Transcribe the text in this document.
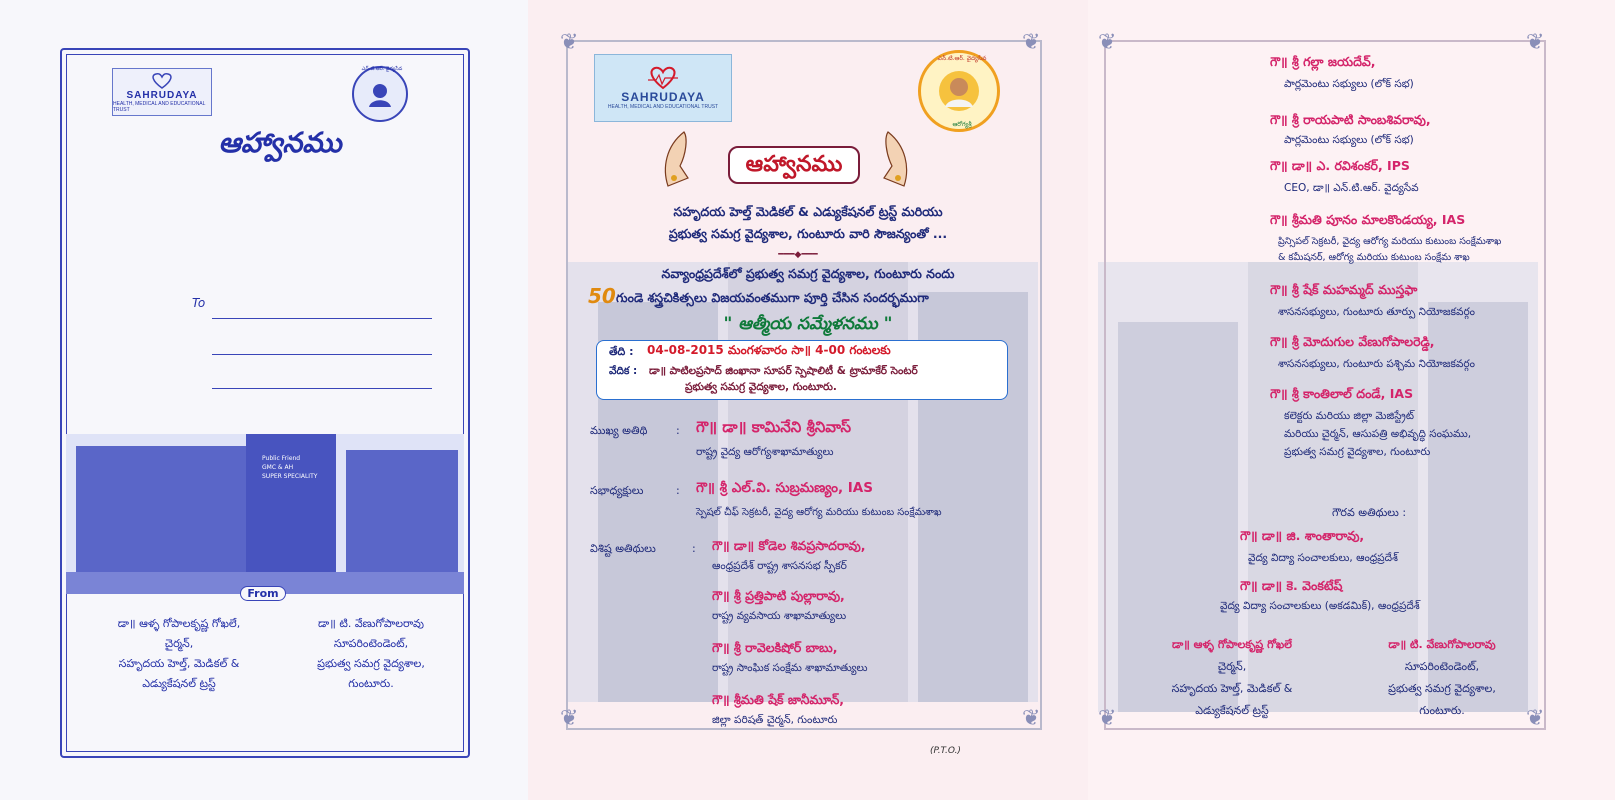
SAHRUDAYA
HEALTH, MEDICAL AND EDUCATIONAL TRUST
ఎన్.టి.ఆర్. వైద్యసేవ
ఆహ్వానము
To
Public Friend
GMC & AH
SUPER SPECIALITY
From
డా॥ ఆళ్ళ గోపాలకృష్ణ గోఖలే,
చైర్మన్,
సహృదయ హెల్త్, మెడికల్ &
ఎడ్యుకేషనల్ ట్రస్ట్
డా॥ టి. వేణుగోపాలరావు
సూపరింటెండెంట్,
ప్రభుత్వ సమగ్ర వైద్యశాల,
గుంటూరు.
❦	❦
❦	❦
SAHRUDAYA
HEALTH, MEDICAL AND EDUCATIONAL TRUST
ఎన్.టి.ఆర్. వైద్యసేవ
ఆరోగ్యశ్రీ
ఆహ్వానము
సహృదయ హెల్త్ మెడికల్ & ఎడ్యుకేషనల్ ట్రస్ట్ మరియు
ప్రభుత్వ సమగ్ర వైద్యశాల, గుంటూరు వారి సౌజన్యంతో ...
━━━◆━━━
నవ్యాంధ్రప్రదేశ్‌లో ప్రభుత్వ సమగ్ర వైద్యశాల, గుంటూరు నందు
50 గుండె శస్త్రచికిత్సలు విజయవంతముగా పూర్తి చేసిన సందర్భముగా
" ఆత్మీయ సమ్మేళనము "
తేది : 04-08-2015 మంగళవారం సా॥ 4-00 గంటలకు
వేదిక : డా॥ పాటిలప్రసాద్ జింఖానా సూపర్ స్పెషాలిటీ & ట్రామాకేర్ సెంటర్
ప్రభుత్వ సమగ్ర వైద్యశాల, గుంటూరు.
ముఖ్య అతిథి	: గౌ॥ డా॥ కామినేని శ్రీనివాస్
రాష్ట్ర వైద్య ఆరోగ్యశాఖామాత్యులు
సభాధ్యక్షులు	: గౌ॥ శ్రీ ఎల్.వి. సుబ్రమణ్యం, IAS
స్పెషల్ చీఫ్ సెక్రటరీ, వైద్య ఆరోగ్య మరియు కుటుంబ సంక్షేమశాఖ
విశిష్ట అతిథులు	: గౌ॥ డా॥ కోడెల శివప్రసాదరావు,
ఆంధ్రప్రదేశ్ రాష్ట్ర శాసనసభ స్పీకర్
గౌ॥ శ్రీ ప్రత్తిపాటి పుల్లారావు,
రాష్ట్ర వ్యవసాయ శాఖామాత్యులు
గౌ॥ శ్రీ రావెలకిషోర్ బాబు,
రాష్ట్ర సాంఘిక సంక్షేమ శాఖామాత్యులు
గౌ॥ శ్రీమతి షేక్ జానీమూన్,
జిల్లా పరిషత్ చైర్మన్, గుంటూరు
(P.T.O.)
❦	❦
❦	❦
గౌ॥ శ్రీ గల్లా జయదేవ్,
పార్లమెంటు సభ్యులు (లోక్ సభ)
గౌ॥ శ్రీ రాయపాటి సాంబశివరావు,
పార్లమెంటు సభ్యులు (లోక్ సభ)
గౌ॥ డా॥ ఎ. రవిశంకర్, IPS
CEO, డా॥ ఎన్.టి.ఆర్. వైద్యసేవ
గౌ॥ శ్రీమతి పూనం మాలకొండయ్య, IAS
ప్రిన్సిపల్ సెక్రటరీ, వైద్య ఆరోగ్య మరియు కుటుంబ సంక్షేమశాఖ
& కమీషనర్, ఆరోగ్య మరియు కుటుంబ సంక్షేమ శాఖ
గౌ॥ శ్రీ షేక్ మహమ్మద్ ముస్తఫా
శాసనసభ్యులు, గుంటూరు తూర్పు నియోజకవర్గం
గౌ॥ శ్రీ మోదుగుల వేణుగోపాలరెడ్డి,
శాసనసభ్యులు, గుంటూరు పశ్చిమ నియోజకవర్గం
గౌ॥ శ్రీ కాంతిలాల్ దండే, IAS
కలెక్టరు మరియు జిల్లా మెజిస్ట్రేట్
మరియు చైర్మన్, ఆసుపత్రి అభివృద్ధి సంఘము,
ప్రభుత్వ సమగ్ర వైద్యశాల, గుంటూరు
గౌరవ అతిథులు :
గౌ॥ డా॥ జి. శాంతారావు,
వైద్య విద్యా సంచాలకులు, ఆంధ్రప్రదేశ్
గౌ॥ డా॥ కె. వెంకటేష్
వైద్య విద్యా సంచాలకులు (అకడమిక్), ఆంధ్రప్రదేశ్
డా॥ ఆళ్ళ గోపాలకృష్ణ గోఖలే
చైర్మన్,
సహృదయ హెల్త్, మెడికల్ &
ఎడ్యుకేషనల్ ట్రస్ట్
డా॥ టి. వేణుగోపాలరావు
సూపరింటెండెంట్,
ప్రభుత్వ సమగ్ర వైద్యశాల,
గుంటూరు.
